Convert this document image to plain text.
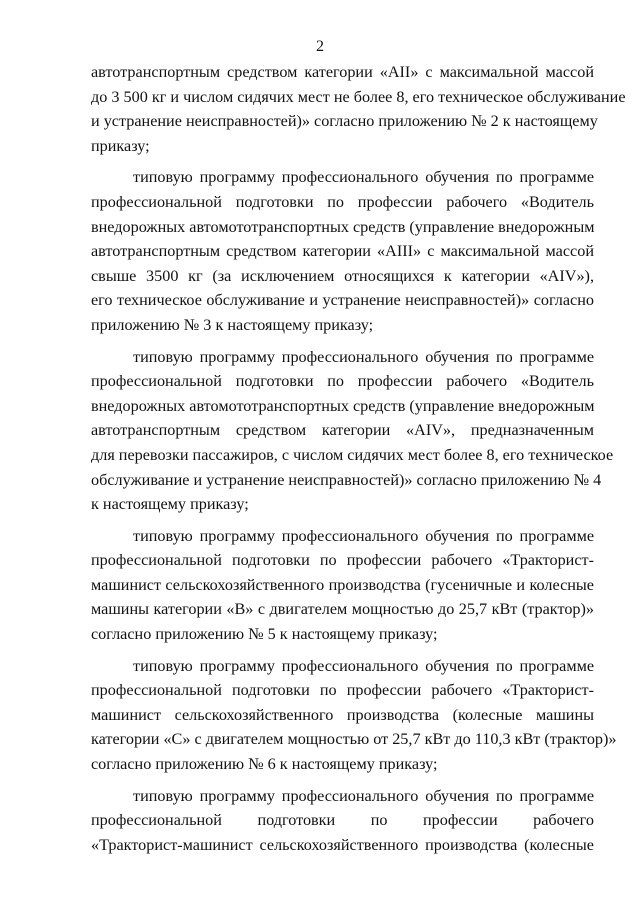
2
автотранспортным средством категории «AII» с максимальной массой
до 3 500 кг и числом сидячих мест не более 8, его техническое обслуживание
и устранение неисправностей)» согласно приложению № 2 к настоящему
приказу;
типовую программу профессионального обучения по программе
профессиональной подготовки по профессии рабочего «Водитель
внедорожных автомототранспортных средств (управление внедорожным
автотранспортным средством категории «AIII» с максимальной массой
свыше 3500 кг (за исключением относящихся к категории «AIV»),
его техническое обслуживание и устранение неисправностей)» согласно
приложению № 3 к настоящему приказу;
типовую программу профессионального обучения по программе
профессиональной подготовки по профессии рабочего «Водитель
внедорожных автомототранспортных средств (управление внедорожным
автотранспортным средством категории «AIV», предназначенным
для перевозки пассажиров, с числом сидячих мест более 8, его техническое
обслуживание и устранение неисправностей)» согласно приложению № 4
к настоящему приказу;
типовую программу профессионального обучения по программе
профессиональной подготовки по профессии рабочего «Тракторист-
машинист сельскохозяйственного производства (гусеничные и колесные
машины категории «B» с двигателем мощностью до 25,7 кВт (трактор)»
согласно приложению № 5 к настоящему приказу;
типовую программу профессионального обучения по программе
профессиональной подготовки по профессии рабочего «Тракторист-
машинист сельскохозяйственного производства (колесные машины
категории «C» с двигателем мощностью от 25,7 кВт до 110,3 кВт (трактор)»
согласно приложению № 6 к настоящему приказу;
типовую программу профессионального обучения по программе
профессиональной подготовки по профессии рабочего
«Тракторист-машинист сельскохозяйственного производства (колесные
